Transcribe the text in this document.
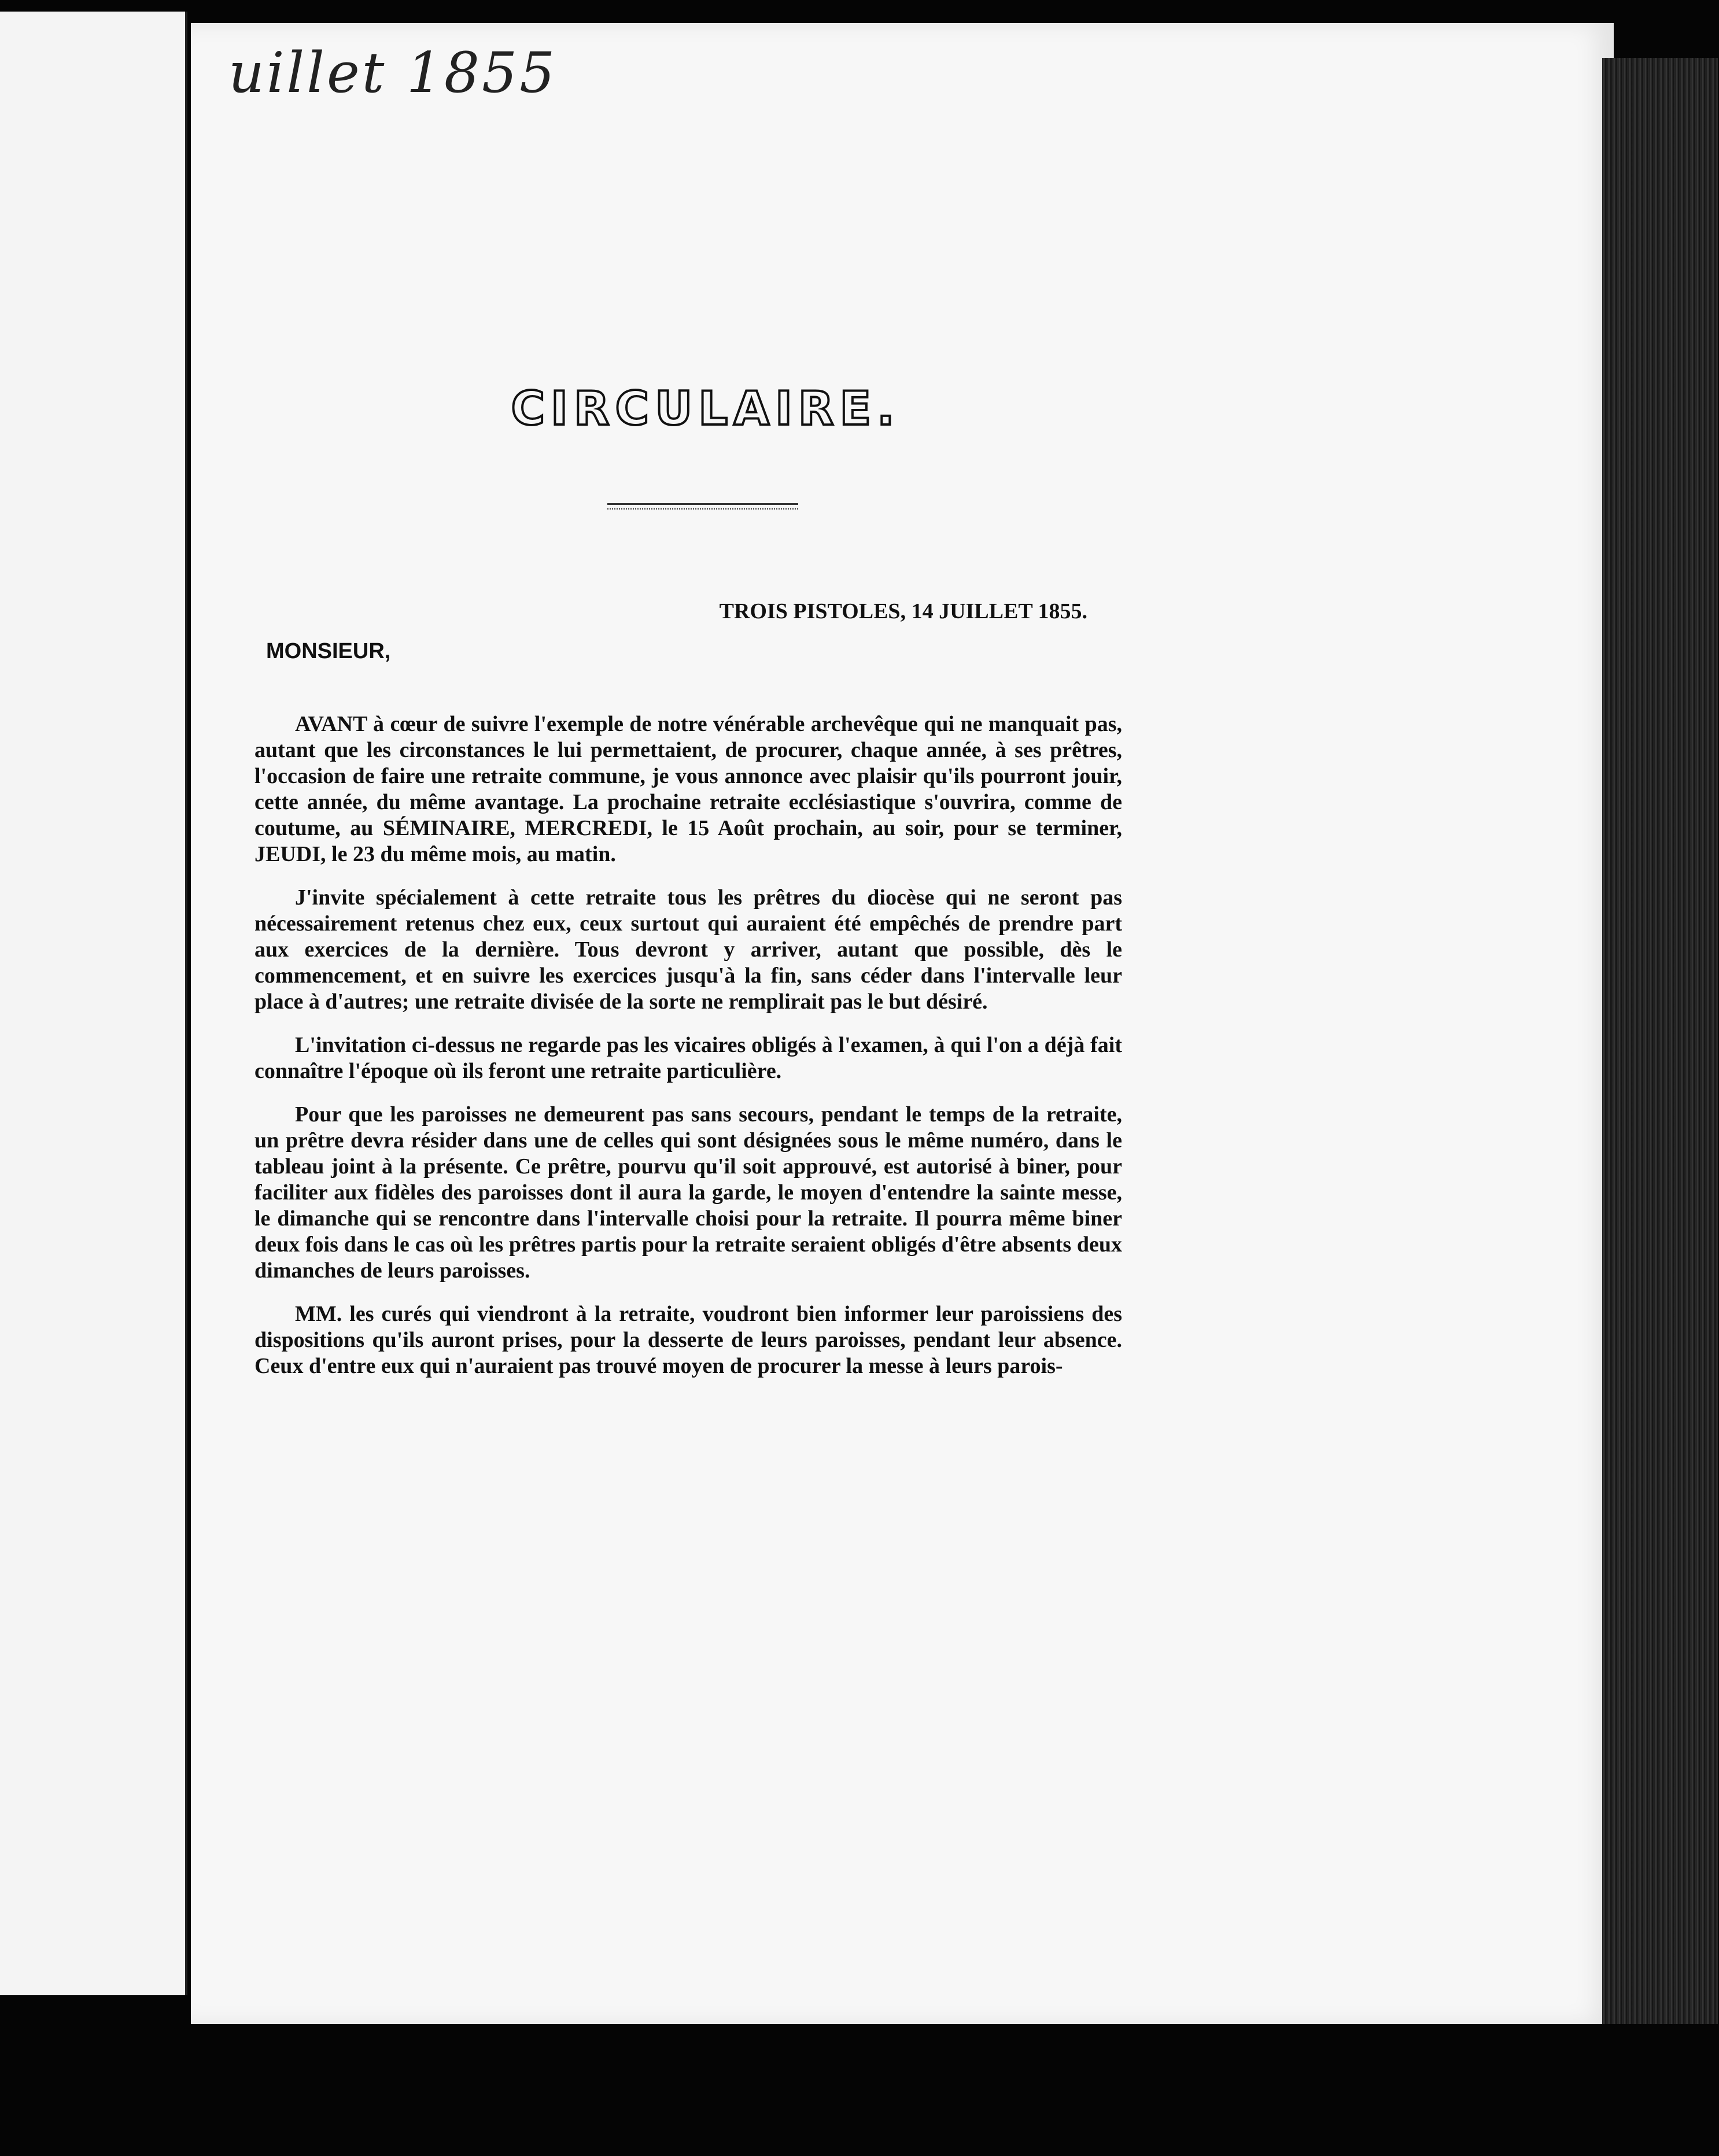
uillet 1855
CIRCULAIRE.
TROIS PISTOLES, 14 JUILLET 1855.
MONSIEUR,

AVANT à cœur de suivre l'exemple de notre vénérable archevêque qui ne manquait pas, autant que les circonstances le lui permettaient, de procurer, chaque année, à ses prêtres, l'occasion de faire une retraite commune, je vous annonce avec plaisir qu'ils pourront jouir, cette année, du même avantage. La prochaine retraite ecclésiastique s'ouvrira, comme de coutume, au SÉMINAIRE, MERCREDI, le 15 Août prochain, au soir, pour se terminer, JEUDI, le 23 du même mois, au matin.

J'invite spécialement à cette retraite tous les prêtres du diocèse qui ne seront pas nécessairement retenus chez eux, ceux surtout qui auraient été empêchés de prendre part aux exercices de la dernière. Tous devront y arriver, autant que possible, dès le commencement, et en suivre les exercices jusqu'à la fin, sans céder dans l'intervalle leur place à d'autres; une retraite divisée de la sorte ne remplirait pas le but désiré.

L'invitation ci-dessus ne regarde pas les vicaires obligés à l'examen, à qui l'on a déjà fait connaître l'époque où ils feront une retraite particulière.

Pour que les paroisses ne demeurent pas sans secours, pendant le temps de la retraite, un prêtre devra résider dans une de celles qui sont désignées sous le même numéro, dans le tableau joint à la présente. Ce prêtre, pourvu qu'il soit approuvé, est autorisé à biner, pour faciliter aux fidèles des paroisses dont il aura la garde, le moyen d'entendre la sainte messe, le dimanche qui se rencontre dans l'intervalle choisi pour la retraite. Il pourra même biner deux fois dans le cas où les prêtres partis pour la retraite seraient obligés d'être absents deux dimanches de leurs paroisses.

MM. les curés qui viendront à la retraite, voudront bien informer leur paroissiens des dispositions qu'ils auront prises, pour la desserte de leurs paroisses, pendant leur absence. Ceux d'entre eux qui n'auraient pas trouvé moyen de procurer la messe à leurs parois-
